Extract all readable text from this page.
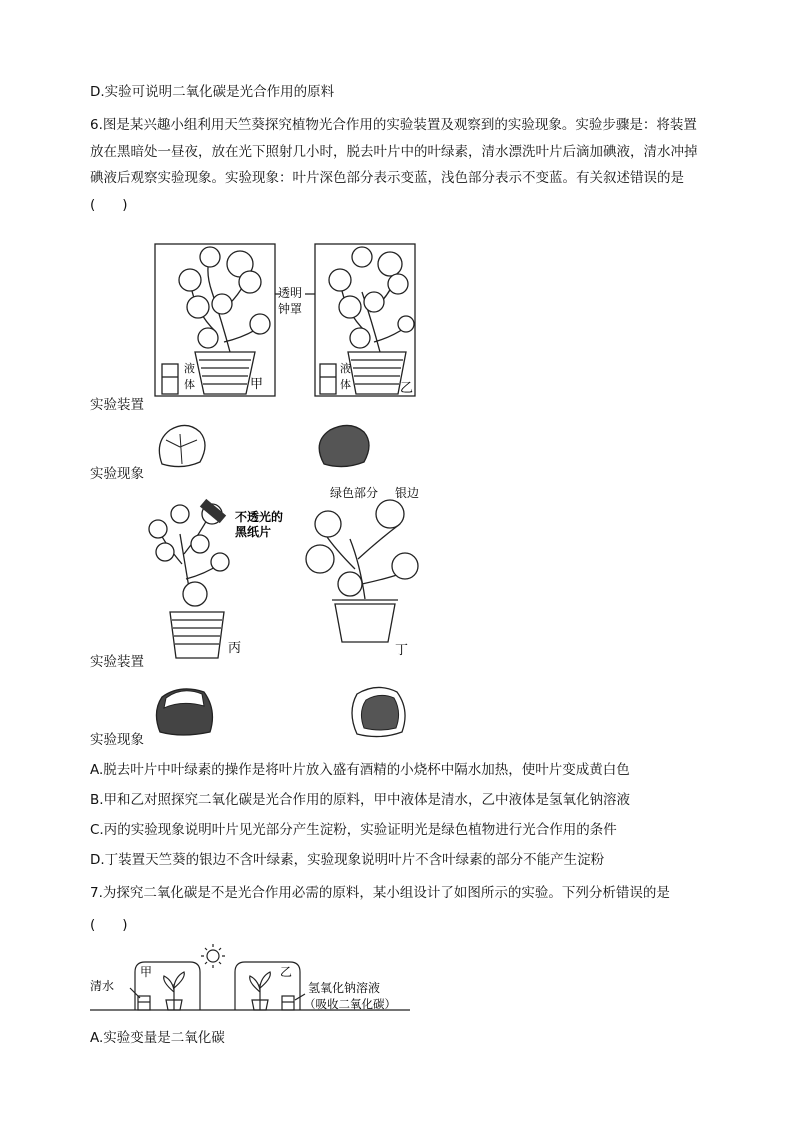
D.实验可说明二氧化碳是光合作用的原料
6.图是某兴趣小组利用天竺葵探究植物光合作用的实验装置及观察到的实验现象。实验步骤是：将装置放在黑暗处一昼夜，放在光下照射几小时，脱去叶片中的叶绿素，清水漂洗叶片后滴加碘液，清水冲掉碘液后观察实验现象。实验现象：叶片深色部分表示变蓝，浅色部分表示不变蓝。有关叙述错误的是(　　)
液
体	甲
透明
钟罩
液
体	乙
实验装置
实验现象
不透光的
黑纸片
丙
绿色部分 银边
丁
实验装置
实验现象
A.脱去叶片中叶绿素的操作是将叶片放入盛有酒精的小烧杯中隔水加热，使叶片变成黄白色
B.甲和乙对照探究二氧化碳是光合作用的原料，甲中液体是清水，乙中液体是氢氧化钠溶液
C.丙的实验现象说明叶片见光部分产生淀粉，实验证明光是绿色植物进行光合作用的条件
D.丁装置天竺葵的银边不含叶绿素，实验现象说明叶片不含叶绿素的部分不能产生淀粉
7.为探究二氧化碳是不是光合作用必需的原料，某小组设计了如图所示的实验。下列分析错误的是
(　　)
清水
甲	乙
氢氧化钠溶液
（吸收二氧化碳）
A.实验变量是二氧化碳
